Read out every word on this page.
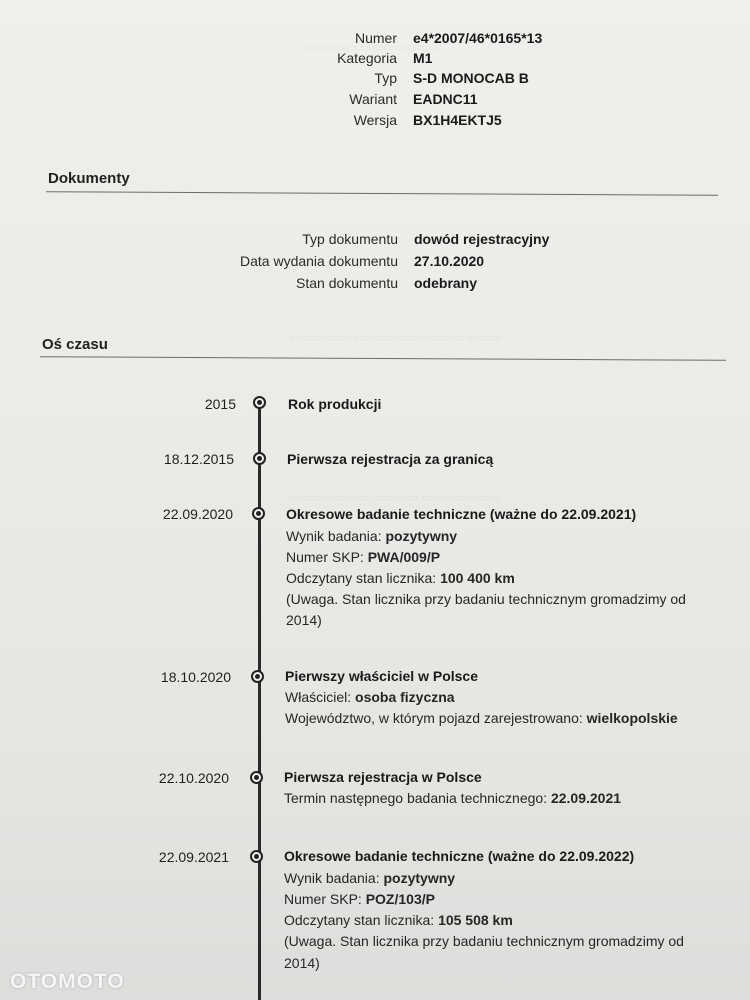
Numer e4*2007/46*0165*13
Kategoria M1
Typ S-D MONOCAB B
Wariant EADNC11
Wersja BX1H4EKTJ5
Dokumenty
Typ dokumentu dowód rejestracyjny
Data wydania dokumentu 27.10.2020
Stan dokumentu odebrany
Oś czasu
2015	Rok produkcji
18.12.2015	Pierwsza rejestracja za granicą
22.09.2020	Okresowe badanie techniczne (ważne do 22.09.2021)
Wynik badania: pozytywny
Numer SKP: PWA/009/P
Odczytany stan licznika: 100 400 km
(Uwaga. Stan licznika przy badaniu technicznym gromadzimy od
2014)
18.10.2020	Pierwszy właściciel w Polsce
Właściciel: osoba fizyczna
Województwo, w którym pojazd zarejestrowano: wielkopolskie
22.10.2020	Pierwsza rejestracja w Polsce
Termin następnego badania technicznego: 22.09.2021
22.09.2021	Okresowe badanie techniczne (ważne do 22.09.2022)
Wynik badania: pozytywny
Numer SKP: POZ/103/P
Odczytany stan licznika: 105 508 km
(Uwaga. Stan licznika przy badaniu technicznym gromadzimy od
2014)
OTOMOTO
